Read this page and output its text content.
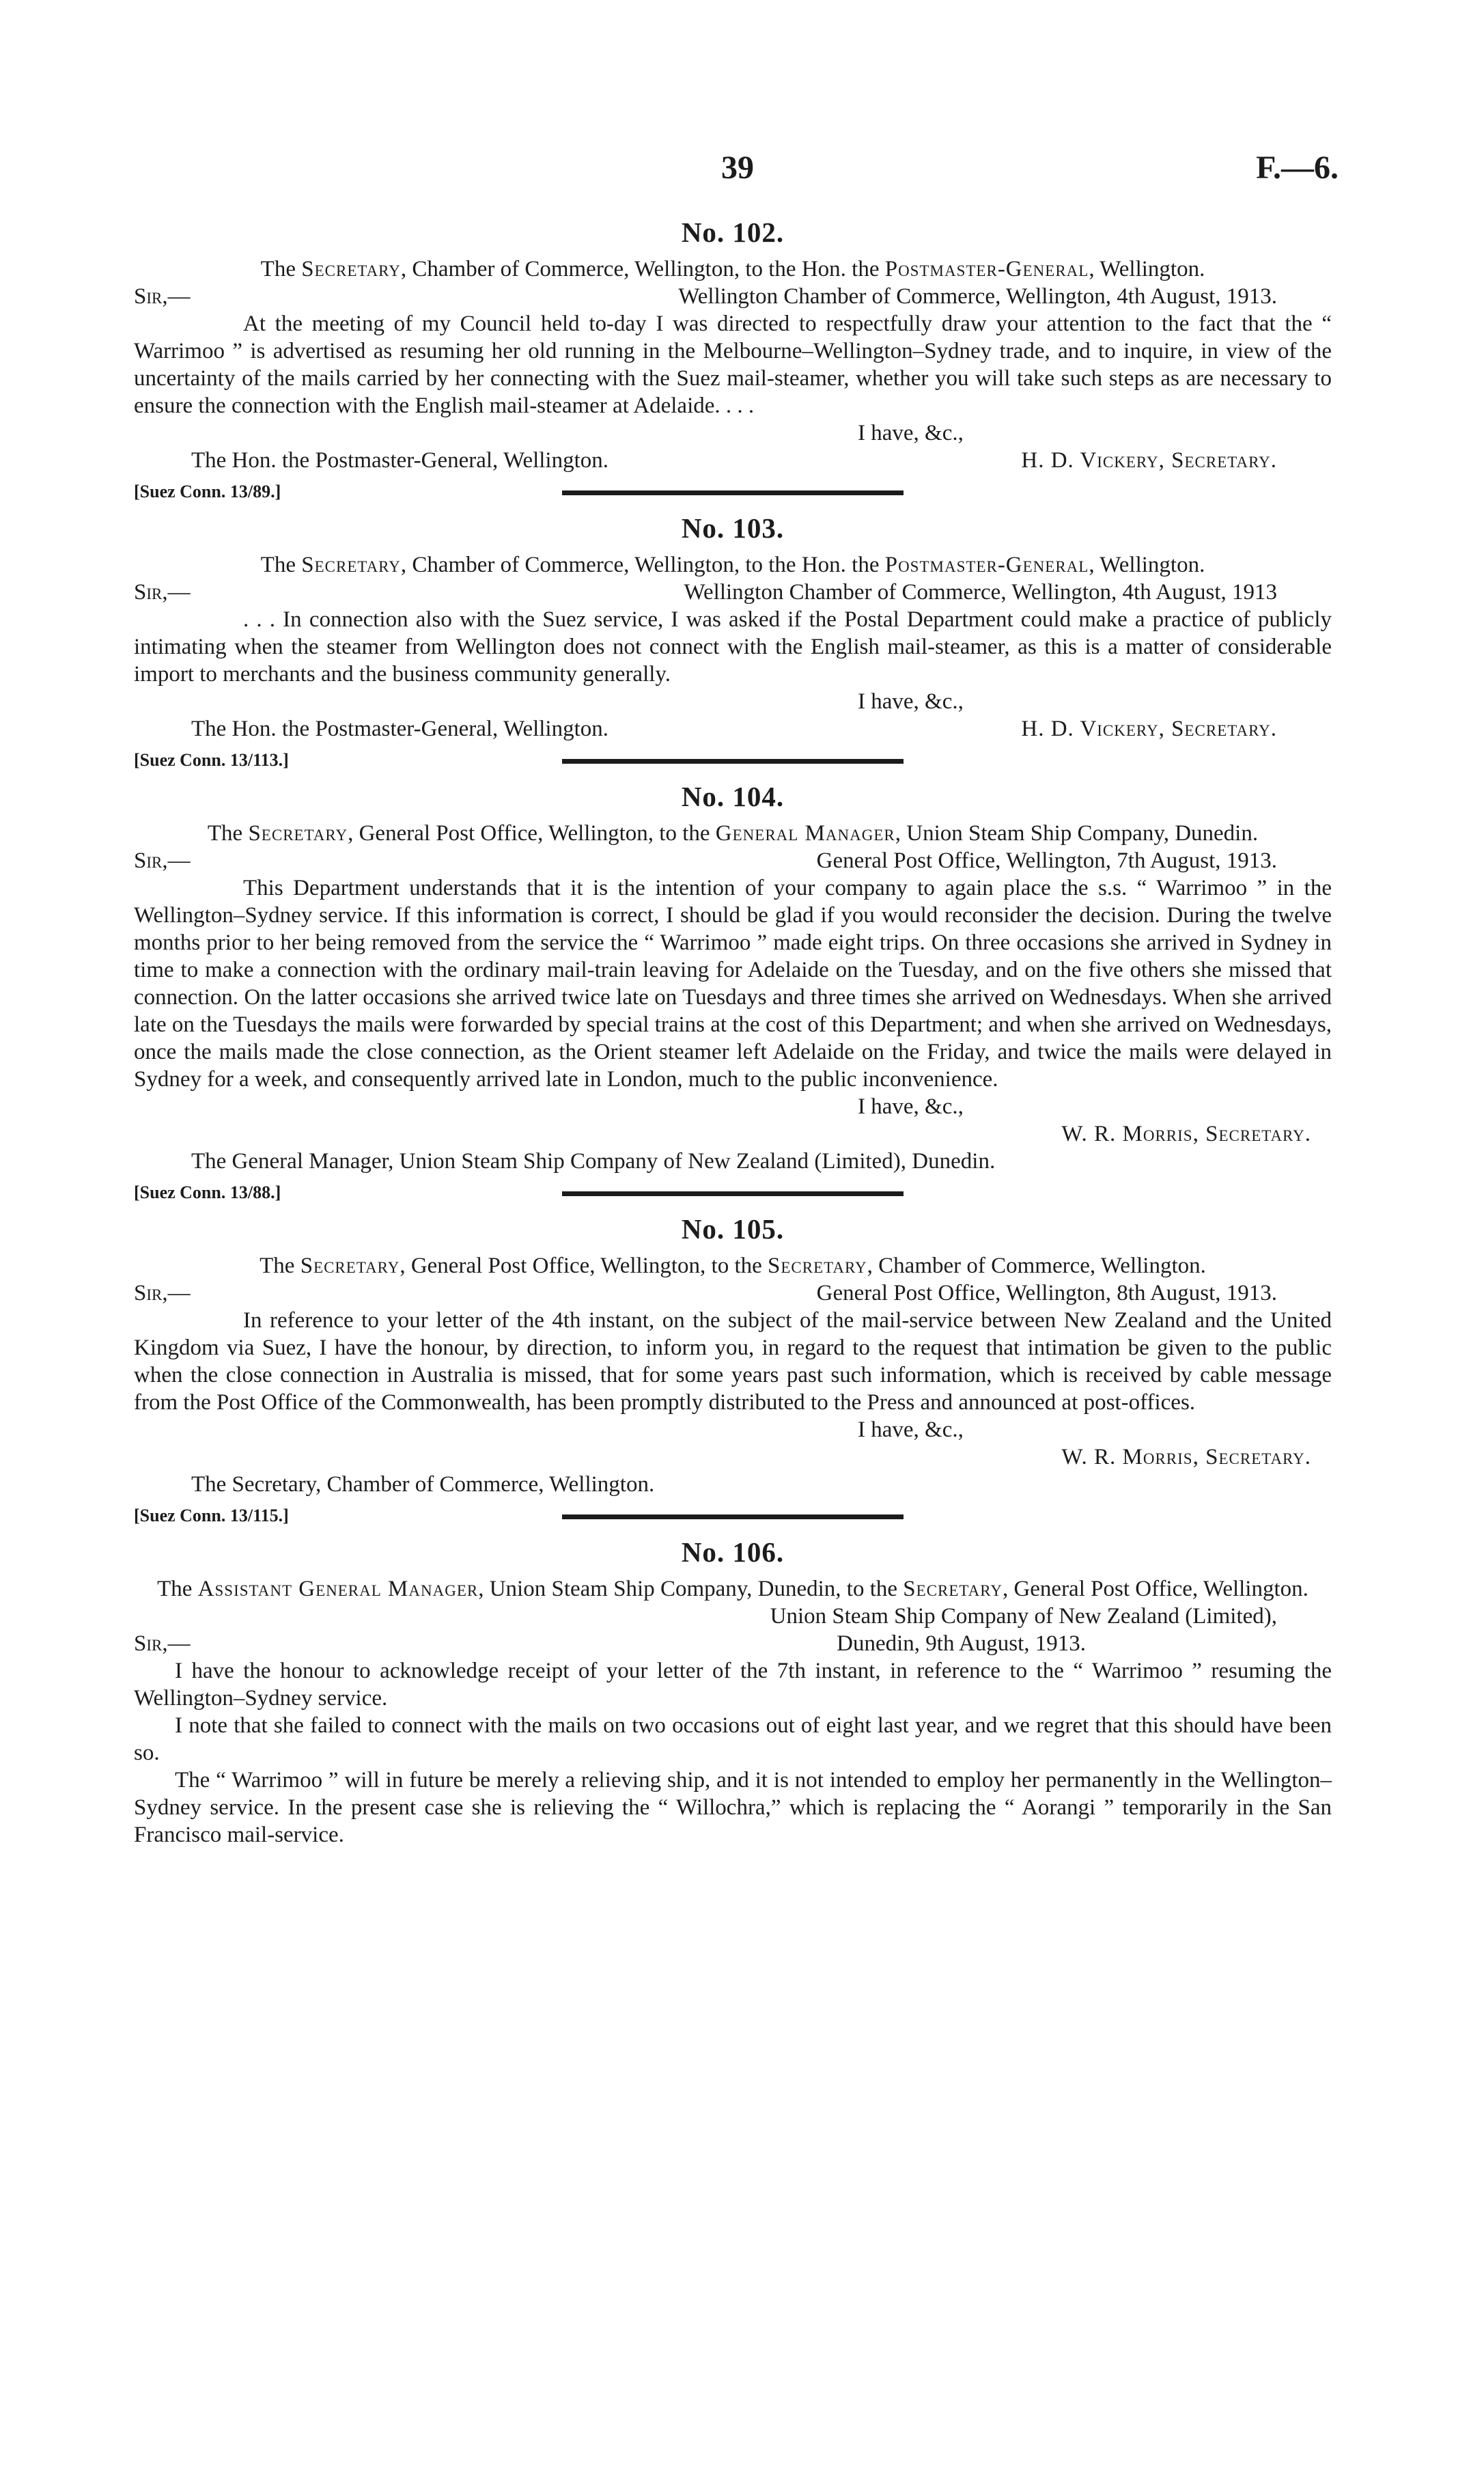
39	F.—6.
No. 102.

The Secretary, Chamber of Commerce, Wellington, to the Hon. the Postmaster-General, Wellington.

Sir,—	Wellington Chamber of Commerce, Wellington, 4th August, 1913.

At the meeting of my Council held to-day I was directed to respectfully draw your attention to the fact that the “ Warrimoo ” is advertised as resuming her old running in the Melbourne–Wellington–Sydney trade, and to inquire, in view of the uncertainty of the mails carried by her connecting with the Suez mail-steamer, whether you will take such steps as are necessary to ensure the connection with the English mail-steamer at Adelaide. . . .

I have, &c.,

The Hon. the Postmaster-General, Wellington.	H. D. Vickery, Secretary.

[Suez Conn. 13/89.]

No. 103.

The Secretary, Chamber of Commerce, Wellington, to the Hon. the Postmaster-General, Wellington.

Sir,—	Wellington Chamber of Commerce, Wellington, 4th August, 1913

. . . In connection also with the Suez service, I was asked if the Postal Department could make a practice of publicly intimating when the steamer from Wellington does not connect with the English mail-steamer, as this is a matter of considerable import to merchants and the business community generally.

I have, &c.,

The Hon. the Postmaster-General, Wellington.	H. D. Vickery, Secretary.

[Suez Conn. 13/113.]

No. 104.

The Secretary, General Post Office, Wellington, to the General Manager, Union Steam Ship Company, Dunedin.

Sir,—	General Post Office, Wellington, 7th August, 1913.

This Department understands that it is the intention of your company to again place the s.s. “ Warrimoo ” in the Wellington–Sydney service. If this information is correct, I should be glad if you would reconsider the decision. During the twelve months prior to her being removed from the service the “ Warrimoo ” made eight trips. On three occasions she arrived in Sydney in time to make a connection with the ordinary mail-train leaving for Adelaide on the Tuesday, and on the five others she missed that connection. On the latter occasions she arrived twice late on Tuesdays and three times she arrived on Wednesdays. When she arrived late on the Tuesdays the mails were forwarded by special trains at the cost of this Department; and when she arrived on Wednesdays, once the mails made the close connection, as the Orient steamer left Adelaide on the Friday, and twice the mails were delayed in Sydney for a week, and consequently arrived late in London, much to the public inconvenience.

I have, &c.,

W. R. Morris, Secretary.

The General Manager, Union Steam Ship Company of New Zealand (Limited), Dunedin.

[Suez Conn. 13/88.]

No. 105.

The Secretary, General Post Office, Wellington, to the Secretary, Chamber of Commerce, Wellington.

Sir,—	General Post Office, Wellington, 8th August, 1913.

In reference to your letter of the 4th instant, on the subject of the mail-service between New Zealand and the United Kingdom via Suez, I have the honour, by direction, to inform you, in regard to the request that intimation be given to the public when the close connection in Australia is missed, that for some years past such information, which is received by cable message from the Post Office of the Commonwealth, has been promptly distributed to the Press and announced at post-offices.

I have, &c.,

W. R. Morris, Secretary.

The Secretary, Chamber of Commerce, Wellington.

[Suez Conn. 13/115.]

No. 106.

The Assistant General Manager, Union Steam Ship Company, Dunedin, to the Secretary, General Post Office, Wellington.

Union Steam Ship Company of New Zealand (Limited),

Sir,—	Dunedin, 9th August, 1913.

I have the honour to acknowledge receipt of your letter of the 7th instant, in reference to the “ Warrimoo ” resuming the Wellington–Sydney service.

I note that she failed to connect with the mails on two occasions out of eight last year, and we regret that this should have been so.

The “ Warrimoo ” will in future be merely a relieving ship, and it is not intended to employ her permanently in the Wellington–Sydney service. In the present case she is relieving the “ Willochra,” which is replacing the “ Aorangi ” temporarily in the San Francisco mail-service.
